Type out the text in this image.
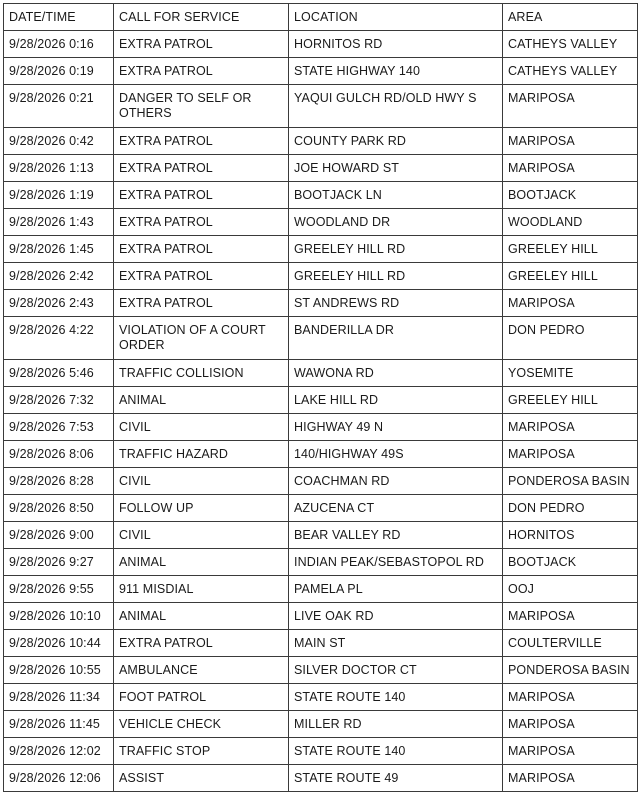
DATE/TIME	CALL FOR SERVICE	LOCATION	AREA
9/28/2026 0:16	EXTRA PATROL	HORNITOS RD	CATHEYS VALLEY
9/28/2026 0:19	EXTRA PATROL	STATE HIGHWAY 140	CATHEYS VALLEY
9/28/2026 0:21	DANGER TO SELF OR OTHERS	YAQUI GULCH RD/OLD HWY S	MARIPOSA
9/28/2026 0:42	EXTRA PATROL	COUNTY PARK RD	MARIPOSA
9/28/2026 1:13	EXTRA PATROL	JOE HOWARD ST	MARIPOSA
9/28/2026 1:19	EXTRA PATROL	BOOTJACK LN	BOOTJACK
9/28/2026 1:43	EXTRA PATROL	WOODLAND DR	WOODLAND
9/28/2026 1:45	EXTRA PATROL	GREELEY HILL RD	GREELEY HILL
9/28/2026 2:42	EXTRA PATROL	GREELEY HILL RD	GREELEY HILL
9/28/2026 2:43	EXTRA PATROL	ST ANDREWS RD	MARIPOSA
9/28/2026 4:22	VIOLATION OF A COURT ORDER	BANDERILLA DR	DON PEDRO
9/28/2026 5:46	TRAFFIC COLLISION	WAWONA RD	YOSEMITE
9/28/2026 7:32	ANIMAL	LAKE HILL RD	GREELEY HILL
9/28/2026 7:53	CIVIL	HIGHWAY 49 N	MARIPOSA
9/28/2026 8:06	TRAFFIC HAZARD	140/HIGHWAY 49S	MARIPOSA
9/28/2026 8:28	CIVIL	COACHMAN RD	PONDEROSA BASIN
9/28/2026 8:50	FOLLOW UP	AZUCENA CT	DON PEDRO
9/28/2026 9:00	CIVIL	BEAR VALLEY RD	HORNITOS
9/28/2026 9:27	ANIMAL	INDIAN PEAK/SEBASTOPOL RD	BOOTJACK
9/28/2026 9:55	911 MISDIAL	PAMELA PL	OOJ
9/28/2026 10:10	ANIMAL	LIVE OAK RD	MARIPOSA
9/28/2026 10:44	EXTRA PATROL	MAIN ST	COULTERVILLE
9/28/2026 10:55	AMBULANCE	SILVER DOCTOR CT	PONDEROSA BASIN
9/28/2026 11:34	FOOT PATROL	STATE ROUTE 140	MARIPOSA
9/28/2026 11:45	VEHICLE CHECK	MILLER RD	MARIPOSA
9/28/2026 12:02	TRAFFIC STOP	STATE ROUTE 140	MARIPOSA
9/28/2026 12:06	ASSIST	STATE ROUTE 49	MARIPOSA
